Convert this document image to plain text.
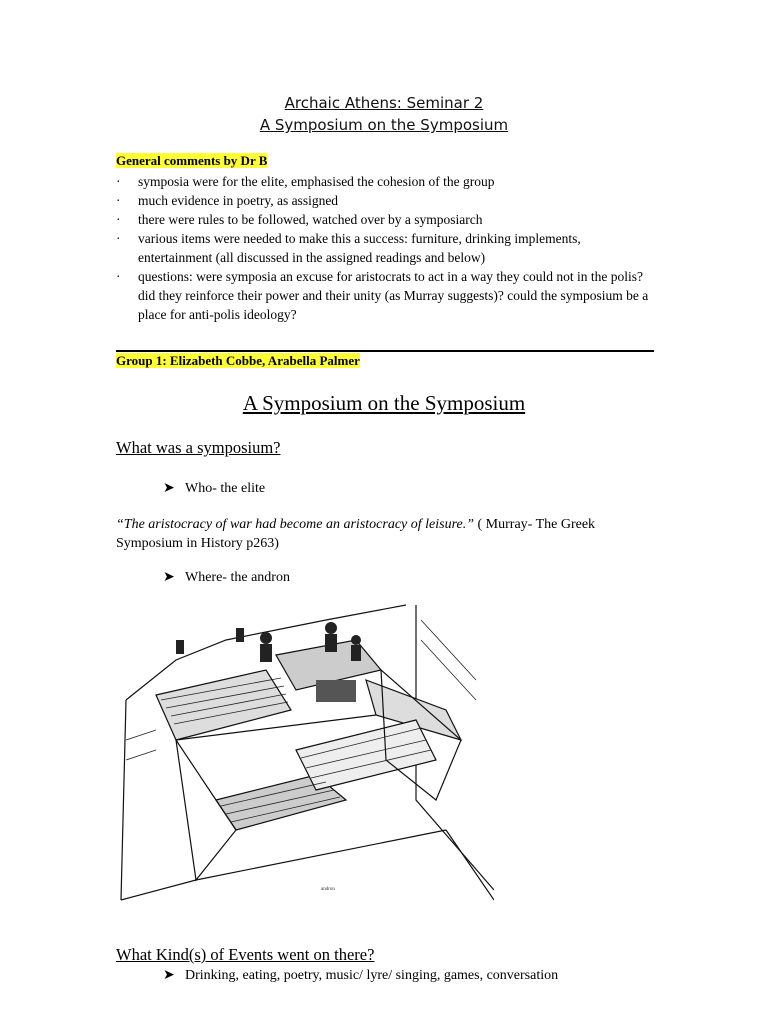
Archaic Athens: Seminar 2
A Symposium on the Symposium
General comments by Dr B
· symposia were for the elite, emphasised the cohesion of the group
· much evidence in poetry, as assigned
· there were rules to be followed, watched over by a symposiarch
· various items were needed to make this a success: furniture, drinking implements, entertainment (all discussed in the assigned readings and below)
· questions: were symposia an excuse for aristocrats to act in a way they could not in the polis? did they reinforce their power and their unity (as Murray suggests)? could the symposium be a place for anti-polis ideology?
Group 1: Elizabeth Cobbe, Arabella Palmer
A Symposium on the Symposium
What was a symposium?
➤ Who- the elite
“The aristocracy of war had become an aristocracy of leisure.” ( Murray- The Greek Symposium in History p263)
➤ Where- the andron
andron
What Kind(s) of Events went on there?
➤ Drinking, eating, poetry, music/ lyre/ singing, games, conversation
